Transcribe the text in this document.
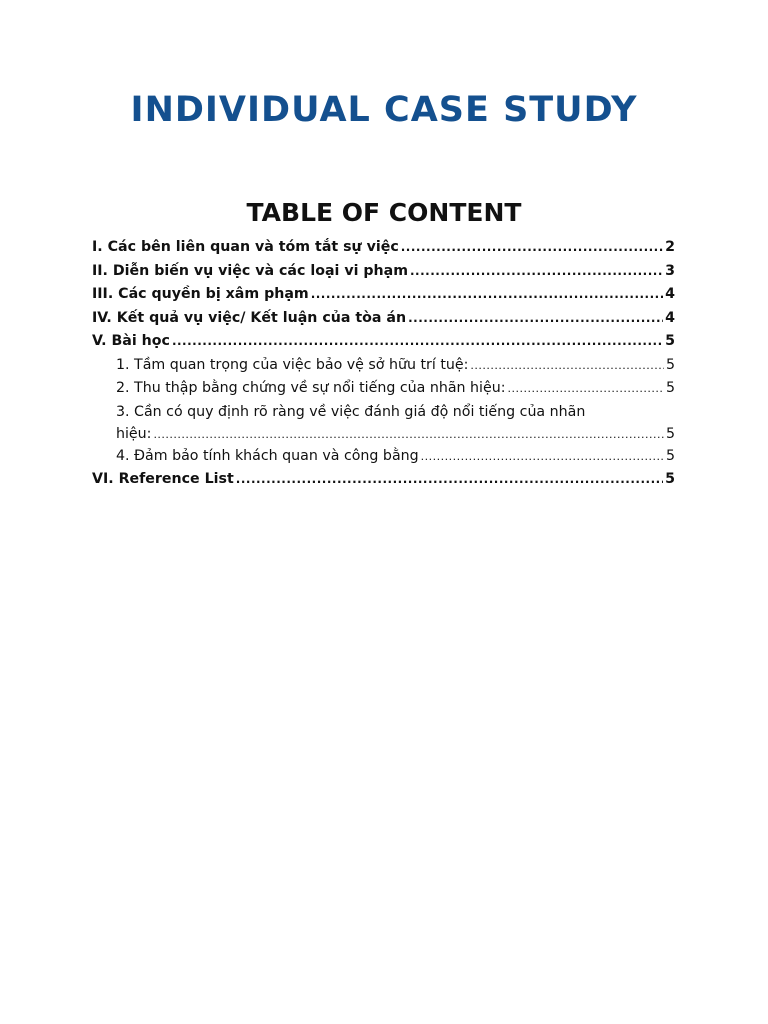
INDIVIDUAL CASE STUDY
TABLE OF CONTENT
I. Các bên liên quan và tóm tắt sự việc .....	2
II. Diễn biến vụ việc và các loại vi phạm .....	3
III. Các quyền bị xâm phạm .....	4
IV. Kết quả vụ việc/ Kết luận của tòa án .....	4
V. Bài học .....	5
1. Tầm quan trọng của việc bảo vệ sở hữu trí tuệ: .....	5
2. Thu thập bằng chứng về sự nổi tiếng của nhãn hiệu: .....	5
3. Cần có quy định rõ ràng về việc đánh giá độ nổi tiếng của nhãn
hiệu: .....	5
4. Đảm bảo tính khách quan và công bằng .....	5
VI. Reference List .....	5
